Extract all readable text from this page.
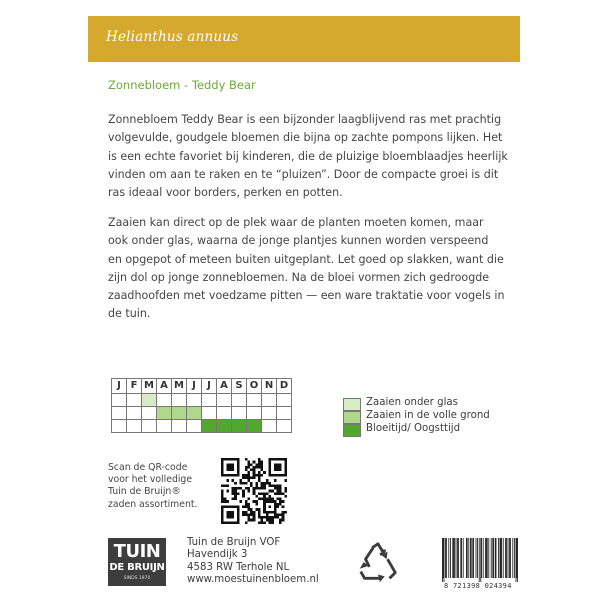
Helianthus annuus
Zonnebloem - Teddy Bear
Zonnebloem Teddy Bear is een bijzonder laagblijvend ras met prachtig
volgevulde, goudgele bloemen die bijna op zachte pompons lijken. Het
is een echte favoriet bij kinderen, die de pluizige bloemblaadjes heerlijk
vinden om aan te raken en te “pluizen”. Door de compacte groei is dit
ras ideaal voor borders, perken en potten.
Zaaien kan direct op de plek waar de planten moeten komen, maar
ook onder glas, waarna de jonge plantjes kunnen worden verspeend
en opgepot of meteen buiten uitgeplant. Let goed op slakken, want die
zijn dol op jonge zonnebloemen. Na de bloei vormen zich gedroogde
zaadhoofden met voedzame pitten — een ware traktatie voor vogels in
de tuin.
J	F	M	A	M	J	J	A	S	O	N	D

Zaaien onder glas
Zaaien in de volle grond
Bloeitijd/ Oogsttijd
Scan de QR-code
voor het volledige
Tuin de Bruijn®
zaden assortiment.
TUIN
DE BRUIJN
SINDS 1870
Tuin de Bruijn VOF
Havendijk 3
4583 RW Terhole NL
www.moestuinenbloem.nl
8 721398 024394
